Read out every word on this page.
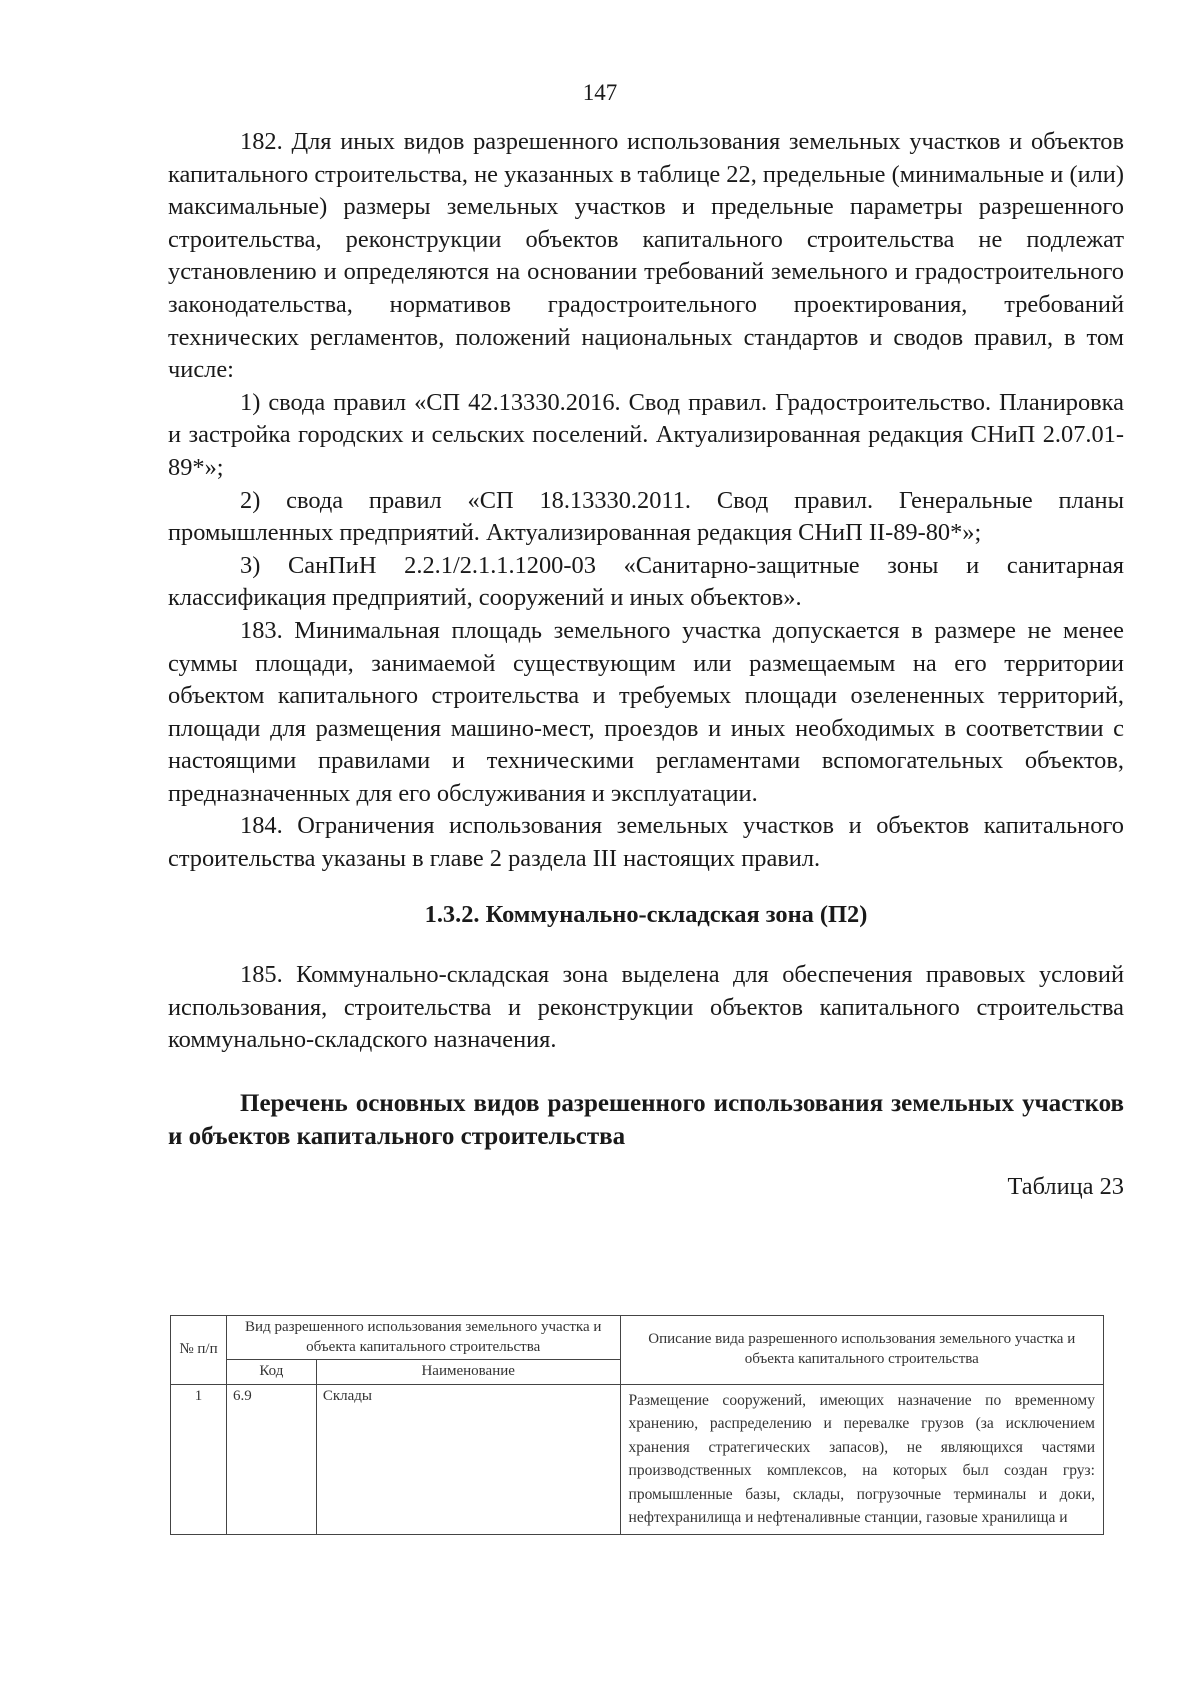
147

182. Для иных видов разрешенного использования земельных участков и объектов капитального строительства, не указанных в таблице 22, предельные (минимальные и (или) максимальные) размеры земельных участков и предельные параметры разрешенного строительства, реконструкции объектов капитального строительства не подлежат установлению и определяются на основании требований земельного и градостроительного законодательства, нормативов градостроительного проектирования, требований технических регламентов, положений национальных стандартов и сводов правил, в том числе:

1) свода правил «СП 42.13330.2016. Свод правил. Градостроительство. Планировка и застройка городских и сельских поселений. Актуализированная редакция СНиП 2.07.01-89*»;

2) свода правил «СП 18.13330.2011. Свод правил. Генеральные планы промышленных предприятий. Актуализированная редакция СНиП II-89-80*»;

3) СанПиН 2.2.1/2.1.1.1200-03 «Санитарно-защитные зоны и санитарная классификация предприятий, сооружений и иных объектов».

183. Минимальная площадь земельного участка допускается в размере не менее суммы площади, занимаемой существующим или размещаемым на его территории объектом капитального строительства и требуемых площади озелененных территорий, площади для размещения машино-мест, проездов и иных необходимых в соответствии с настоящими правилами и техническими регламентами вспомогательных объектов, предназначенных для его обслуживания и эксплуатации.

184. Ограничения использования земельных участков и объектов капитального строительства указаны в главе 2 раздела III настоящих правил.

1.3.2. Коммунально-складская зона (П2)

185. Коммунально-складская зона выделена для обеспечения правовых условий использования, строительства и реконструкции объектов капитального строительства коммунально-складского назначения.

Перечень основных видов разрешенного использования земельных участков и объектов капитального строительства
Таблица 23
№ п/п	Вид разрешенного использования земельного участка и объекта капитального строительства		Описание вида разрешенного использования земельного участка и объекта капитального строительства
	Код	Наименование	
1	6.9	Склады	Размещение сооружений, имеющих назначение по временному хранению, распределению и перевалке грузов (за исключением хранения стратегических запасов), не являющихся частями производственных комплексов, на которых был создан груз: промышленные базы, склады, погрузочные терминалы и доки, нефтехранилища и нефтеналивные станции, газовые хранилища и
